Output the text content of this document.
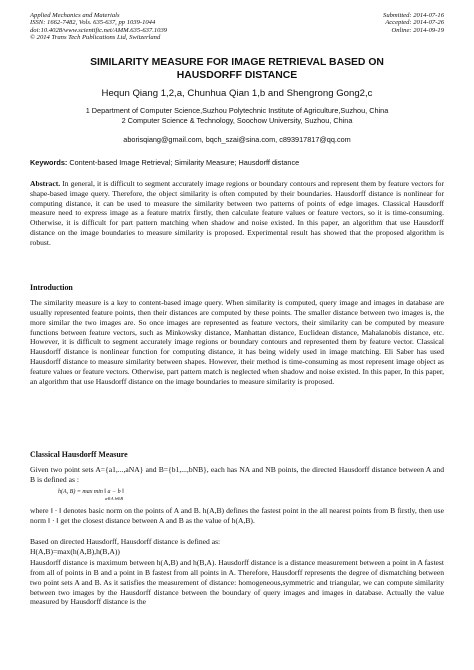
Applied Mechanics and Materials
ISSN: 1662-7482, Vols. 635-637, pp 1039-1044
doi:10.4028/www.scientific.net/AMM.635-637.1039
© 2014 Trans Tech Publications Ltd, Switzerland
Submitted: 2014-07-16
Accepted: 2014-07-26
Online: 2014-09-19
SIMILARITY MEASURE FOR IMAGE RETRIEVAL BASED ON
HAUSDORFF DISTANCE
Hequn Qiang 1,2,a, Chunhua Qian 1,b and Shengrong Gong2,c
1 Department of Computer Science,Suzhou Polytechnic Institute of Agriculture,Suzhou, China
2 Computer Science & Technology, Soochow University, Suzhou, China
aborisqiang@gmail.com, bqch_szai@sina.com, c893917817@qq.com
Keywords: Content-based Image Retrieval; Similarity Measure; Hausdorff distance
Abstract. In general, it is difficult to segment accurately image regions or boundary contours and represent them by feature vectors for shape-based image query. Therefore, the object similarity is often computed by their boundaries. Hausdorff distance is nonlinear for computing distance, it can be used to measure the similarity between two patterns of points of edge images. Classical Hausdorff measure need to express image as a feature matrix firstly, then calculate feature values or feature vectors, so it is time-consuming. Otherwise, it is difficult for part pattern matching when shadow and noise existed. In this paper, an algorithm that use Hausdorff distance on the image boundaries to measure similarity is proposed. Experimental result has showed that the proposed algorithm is robust.
Introduction
The similarity measure is a key to content-based image query. When similarity is computed, query image and images in database are usually represented feature points, then their distances are computed by these points. The smaller distance between two images is, the more similar the two images are. So once images are represented as feature vectors, their similarity can be computed by measure functions between feature vectors, such as Minkowsky distance, Manhattan distance, Euclidean distance, Mahalanobis distance, etc. However, it is difficult to segment accurately image regions or boundary contours and represented them by feature vector. Classical Hausdorff distance is nonlinear function for computing distance, it has being widely used in image matching. Eli Saber has used Hausdorff distance to measure similarity between shapes. However, their method is time-consuming as most represent image object as feature values or feature vectors. Otherwise, part pattern match is neglected when shadow and noise existed. In this paper, In this paper, an algorithm that use Hausdorff distance on the image boundaries to measure similarity is proposed.
Classical Hausdorff Measure
Given two point sets A={a1,...,aNA} and B={b1,...,bNB}, each has NA and NB points, the directed Hausdorff distance between A and B is defined as :
h(A, B) = max min ‖ a − b ‖
a∈A b∈B
where ‖ · ‖ denotes basic norm on the points of A and B. h(A,B) defines the fastest point in the all nearest points from B firstly, then use norm ‖ · ‖ get the closest distance between A and B as the value of h(A,B).
Based on directed Hausdorff, Hausdorff distance is defined as:
H(A,B)=max(h(A,B),h(B,A))
Hausdorff distance is maximum between h(A,B) and h(B,A). Hausdorff distance is a distance measurement between a point in A fastest from all of points in B and a point in B fastest from all points in A. Therefore, Hausdorff represents the degree of dismatching between two point sets A and B. As it satisfies the measurement of distance: homogeneous,symmetric and triangular, we can compute similarity between two images by the Hausdorff distance between the boundary of query images and images in database. Actually the value measured by Hausdorff distance is the
